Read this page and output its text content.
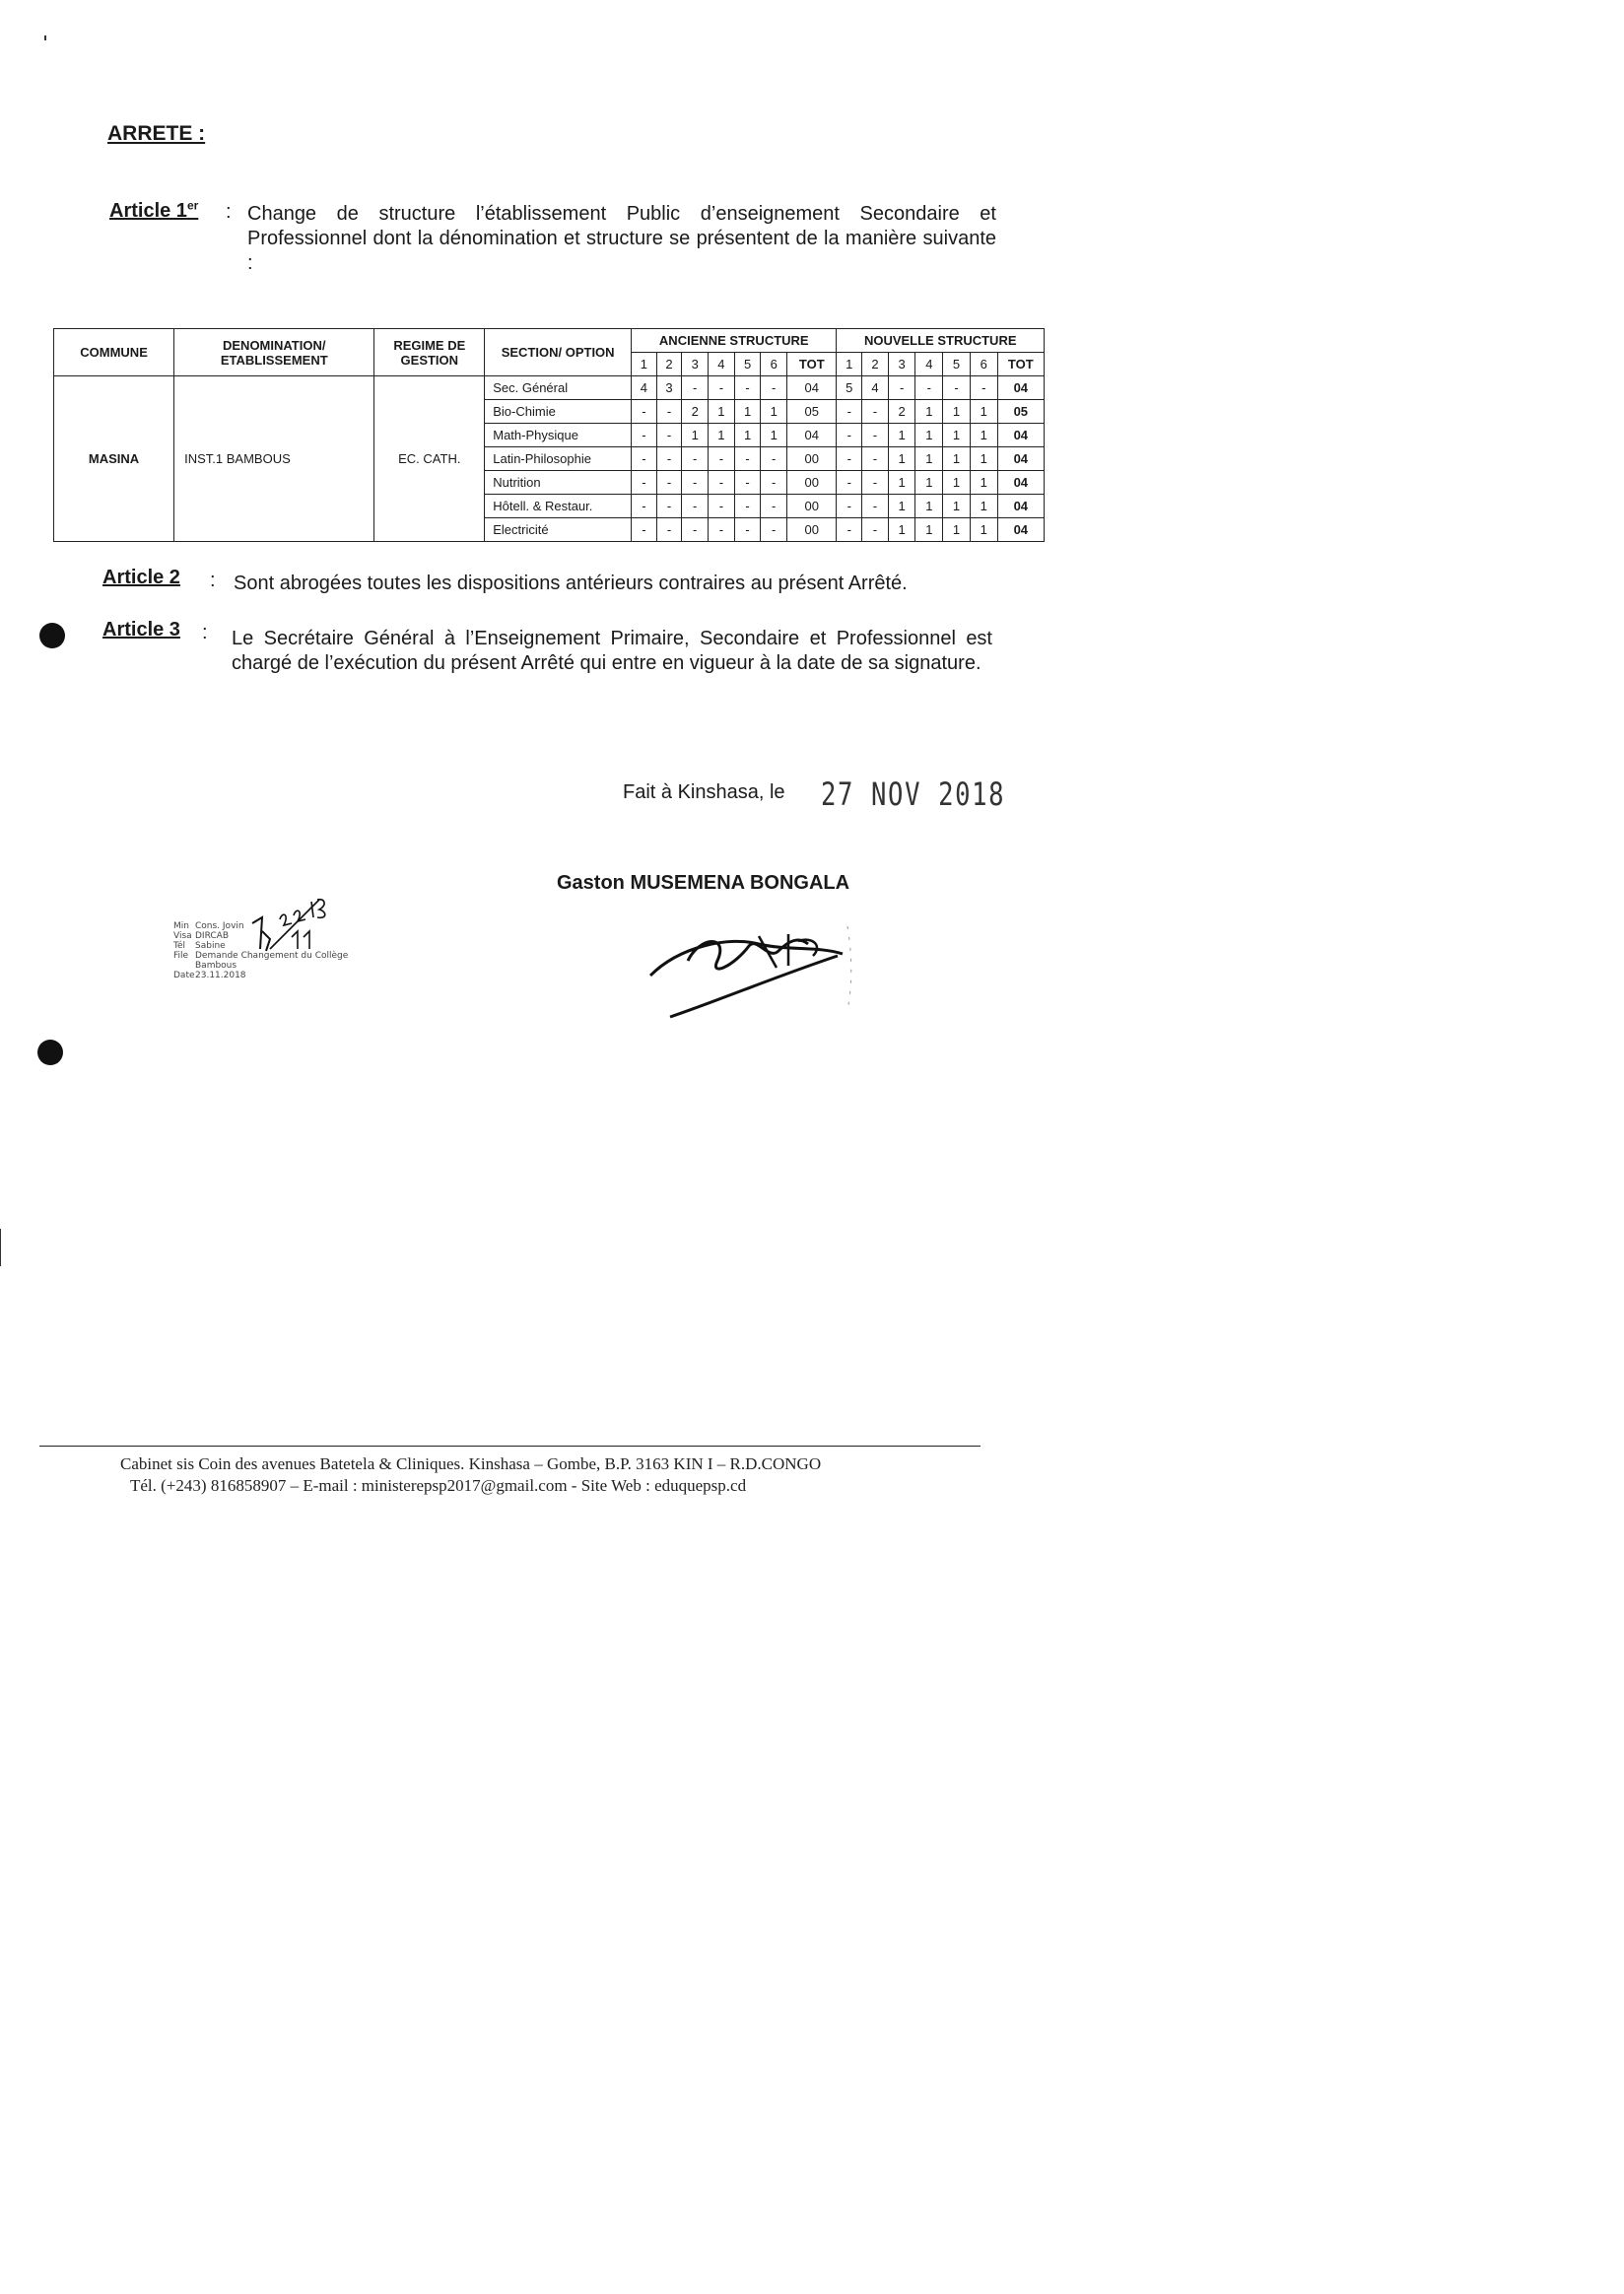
ARRETE :
Article 1er : Change de structure l’établissement Public d’enseignement Secondaire et Professionnel dont la dénomination et structure se présentent de la manière suivante :
COMMUNE	DENOMINATION/ ETABLISSEMENT	REGIME DE GESTION	SECTION/ OPTION	ANCIENNE STRUCTURE							NOUVELLE STRUCTURE						
				1	2	3	4	5	6	TOT	1	2	3	4	5	6	TOT
MASINA	INST.1 BAMBOUS	EC. CATH.	Sec. Général	4	3	-	-	-	-	04	5	4	-	-	-	-	04
			Bio-Chimie	-	-	2	1	1	1	05	-	-	2	1	1	1	05
			Math-Physique	-	-	1	1	1	1	04	-	-	1	1	1	1	04
			Latin-Philosophie	-	-	-	-	-	-	00	-	-	1	1	1	1	04
			Nutrition	-	-	-	-	-	-	00	-	-	1	1	1	1	04
			Hôtell. & Restaur.	-	-	-	-	-	-	00	-	-	1	1	1	1	04
			Electricité	-	-	-	-	-	-	00	-	-	1	1	1	1	04
Article 2 : Sont abrogées toutes les dispositions antérieurs contraires au présent Arrêté.
Article 3 : Le Secrétaire Général à l’Enseignement Primaire, Secondaire et Professionnel est chargé de l’exécution du présent Arrêté qui entre en vigueur à la date de sa signature.
Fait à Kinshasa, le 27 NOV 2018
Gaston MUSEMENA BONGALA
Min Cons. Jovin
Visa DIRCAB
Tél Sabine
File Demande Changement du Collège
Bambous
Date23.11.2018
Cabinet sis Coin des avenues Batetela & Cliniques. Kinshasa – Gombe, B.P. 3163 KIN I – R.D.CONGO
Tél. (+243) 816858907 – E-mail : ministerepsp2017@gmail.com - Site Web : eduquepsp.cd
